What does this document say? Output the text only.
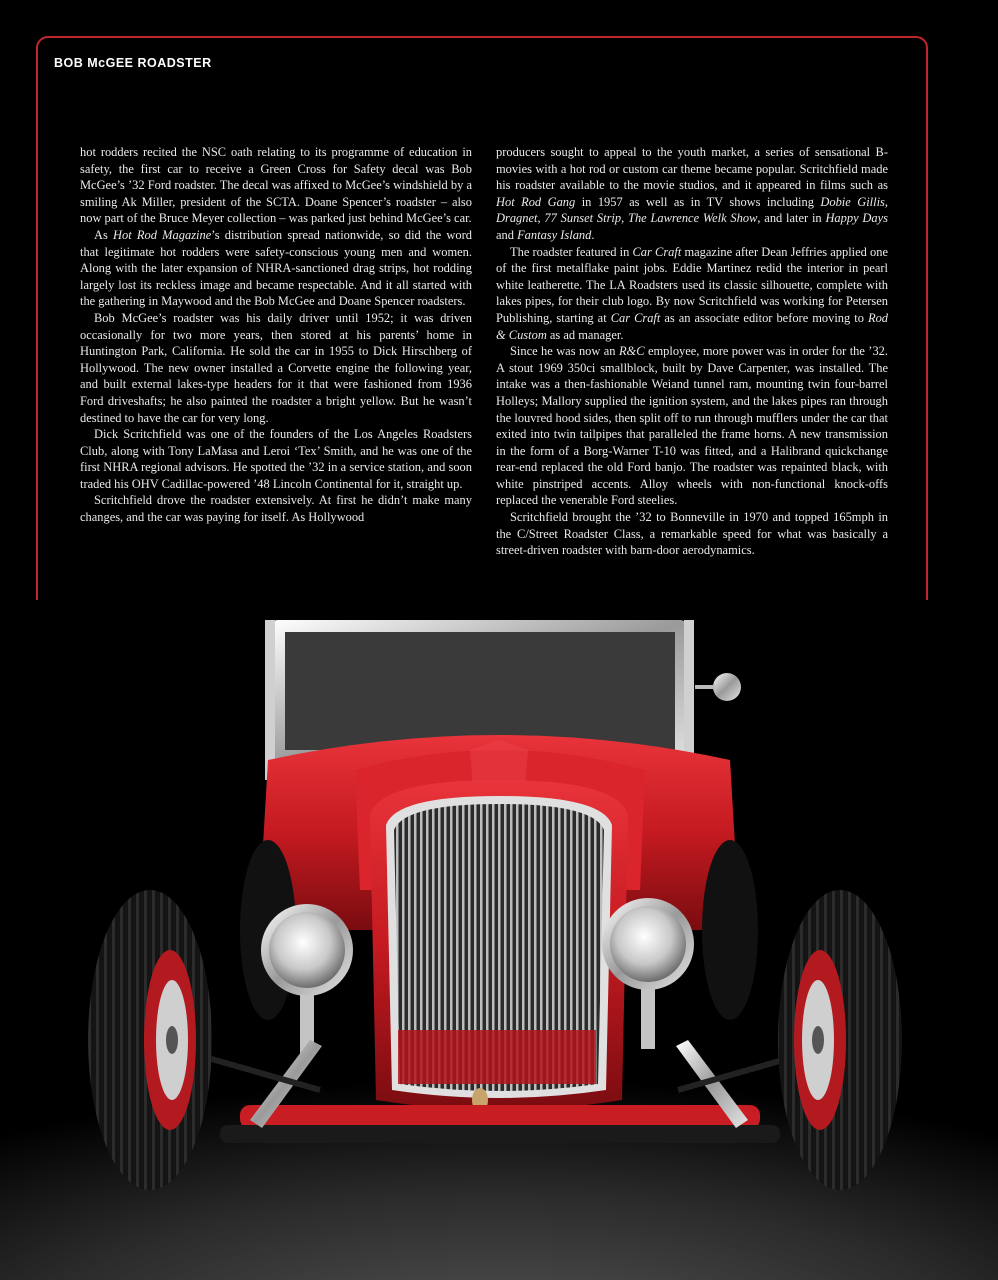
BOB McGEE ROADSTER

hot rodders recited the NSC oath relating to its programme of education in safety, the first car to receive a Green Cross for Safety decal was Bob McGee’s ’32 Ford roadster. The decal was affixed to McGee’s windshield by a smiling Ak Miller, president of the SCTA. Doane Spencer’s roadster – also now part of the Bruce Meyer collection – was parked just behind McGee’s car.

As Hot Rod Magazine’s distribution spread nationwide, so did the word that legitimate hot rodders were safety-conscious young men and women. Along with the later expansion of NHRA-sanctioned drag strips, hot rodding largely lost its reckless image and became respectable. And it all started with the gathering in Maywood and the Bob McGee and Doane Spencer roadsters.

Bob McGee’s roadster was his daily driver until 1952; it was driven occasionally for two more years, then stored at his parents’ home in Huntington Park, California. He sold the car in 1955 to Dick Hirschberg of Hollywood. The new owner installed a Corvette engine the following year, and built external lakes-type headers for it that were fashioned from 1936 Ford driveshafts; he also painted the roadster a bright yellow. But he wasn’t destined to have the car for very long.

Dick Scritchfield was one of the founders of the Los Angeles Roadsters Club, along with Tony LaMasa and Leroi ‘Tex’ Smith, and he was one of the first NHRA regional advisors. He spotted the ’32 in a service station, and soon traded his OHV Cadillac-powered ’48 Lincoln Continental for it, straight up.

Scritchfield drove the roadster extensively. At first he didn’t make many changes, and the car was paying for itself. As Hollywood

producers sought to appeal to the youth market, a series of sensational B-movies with a hot rod or custom car theme became popular. Scritchfield made his roadster available to the movie studios, and it appeared in films such as Hot Rod Gang in 1957 as well as in TV shows including Dobie Gillis, Dragnet, 77 Sunset Strip, The Lawrence Welk Show, and later in Happy Days and Fantasy Island.

The roadster featured in Car Craft magazine after Dean Jeffries applied one of the first metalflake paint jobs. Eddie Martinez redid the interior in pearl white leatherette. The LA Roadsters used its classic silhouette, complete with lakes pipes, for their club logo. By now Scritchfield was working for Petersen Publishing, starting at Car Craft as an associate editor before moving to Rod & Custom as ad manager.

Since he was now an R&C employee, more power was in order for the ’32. A stout 1969 350ci smallblock, built by Dave Carpenter, was installed. The intake was a then-fashionable Weiand tunnel ram, mounting twin four-barrel Holleys; Mallory supplied the ignition system, and the lakes pipes ran through the louvred hood sides, then split off to run through mufflers under the car that exited into twin tailpipes that paralleled the frame horns. A new transmission in the form of a Borg-Warner T-10 was fitted, and a Halibrand quickchange rear-end replaced the old Ford banjo. The roadster was repainted black, with white pinstriped accents. Alloy wheels with non-functional knock-offs replaced the venerable Ford steelies.

Scritchfield brought the ’32 to Bonneville in 1970 and topped 165mph in the C/Street Roadster Class, a remarkable speed for what was basically a street-driven roadster with barn-door aerodynamics.
